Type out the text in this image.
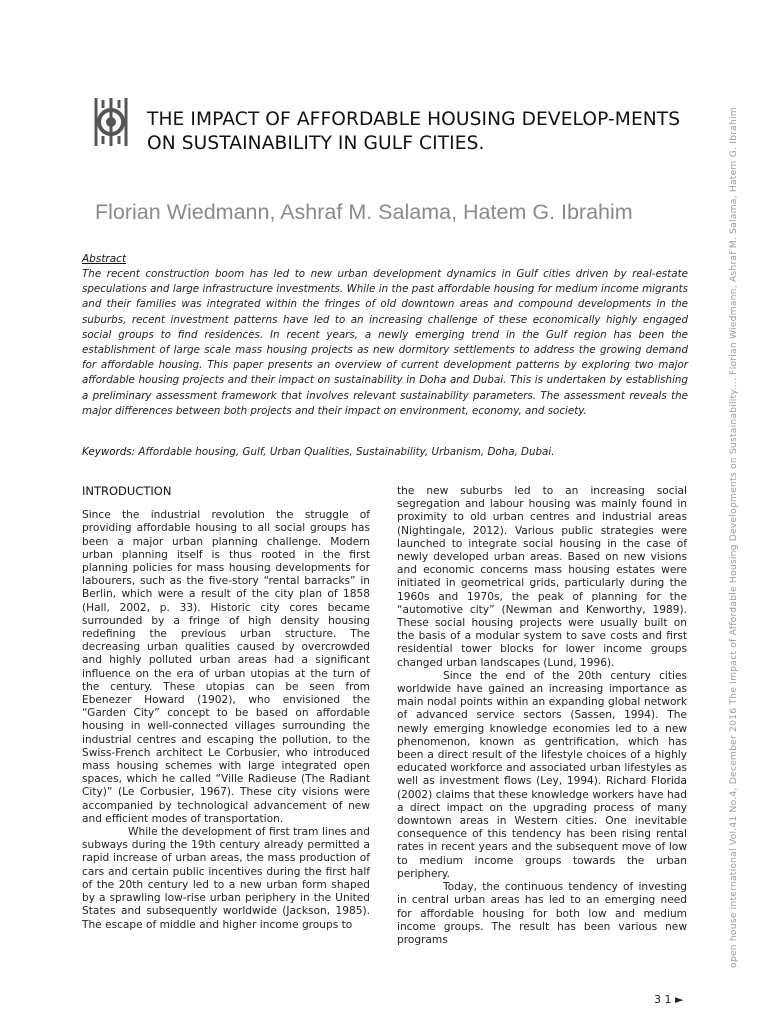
THE IMPACT OF AFFORDABLE HOUSING DEVELOP-MENTS ON SUSTAINABILITY IN GULF CITIES.
Florian Wiedmann, Ashraf M. Salama, Hatem G. Ibrahim
Abstract

The recent construction boom has led to new urban development dynamics in Gulf cities driven by real-estate speculations and large infrastructure investments. While in the past affordable housing for medium income migrants and their families was integrated within the fringes of old downtown areas and compound developments in the suburbs, recent investment patterns have led to an increasing challenge of these economically highly engaged social groups to find residences. In recent years, a newly emerging trend in the Gulf region has been the establishment of large scale mass housing projects as new dormitory settlements to address the growing demand for affordable housing. This paper presents an overview of current development patterns by exploring two major affordable housing projects and their impact on sustainability in Doha and Dubai. This is undertaken by establishing a preliminary assessment framework that involves relevant sustainability parameters. The assessment reveals the major differences between both projects and their impact on environment, economy, and society.

Keywords: Affordable housing, Gulf, Urban Qualities, Sustainability, Urbanism, Doha, Dubai.

INTRODUCTION

Since the industrial revolution the struggle of providing affordable housing to all social groups has been a major urban planning challenge. Modern urban planning itself is thus rooted in the first planning policies for mass housing developments for labourers, such as the five-story “rental barracks” in Berlin, which were a result of the city plan of 1858 (Hall, 2002, p. 33). Historic city cores became surrounded by a fringe of high density housing redefining the previous urban structure. The decreasing urban qualities caused by overcrowded and highly polluted urban areas had a significant influence on the era of urban utopias at the turn of the century. These utopias can be seen from Ebenezer Howard (1902), who envisioned the “Garden City” concept to be based on affordable housing in well-connected villages surrounding the industrial centres and escaping the pollution, to the Swiss-French architect Le Corbusier, who introduced mass housing schemes with large integrated open spaces, which he called “Ville Radieuse (The Radiant City)” (Le Corbusier, 1967). These city visions were accompanied by technological advancement of new and efficient modes of transportation.

While the development of first tram lines and subways during the 19th century already permitted a rapid increase of urban areas, the mass production of cars and certain public incentives during the first half of the 20th century led to a new urban form shaped by a sprawling low-rise urban periphery in the United States and subsequently worldwide (Jackson, 1985). The escape of middle and higher income groups to

the new suburbs led to an increasing social segregation and labour housing was mainly found in proximity to old urban centres and industrial areas (Nightingale, 2012). Various public strategies were launched to integrate social housing in the case of newly developed urban areas. Based on new visions and economic concerns mass housing estates were initiated in geometrical grids, particularly during the 1960s and 1970s, the peak of planning for the “automotive city” (Newman and Kenworthy, 1989). These social housing projects were usually built on the basis of a modular system to save costs and first residential tower blocks for lower income groups changed urban landscapes (Lund, 1996).

Since the end of the 20th century cities worldwide have gained an increasing importance as main nodal points within an expanding global network of advanced service sectors (Sassen, 1994). The newly emerging knowledge economies led to a new phenomenon, known as gentrification, which has been a direct result of the lifestyle choices of a highly educated workforce and associated urban lifestyles as well as investment flows (Ley, 1994). Richard Florida (2002) claims that these knowledge workers have had a direct impact on the upgrading process of many downtown areas in Western cities. One inevitable consequence of this tendency has been rising rental rates in recent years and the subsequent move of low to medium income groups towards the urban periphery.

Today, the continuous tendency of investing in central urban areas has led to an emerging need for affordable housing for both low and medium income groups. The result has been various new programs	open house international Vol.41 No.4, December 2016 The Impact of Affordable Housing Developments on Sustainability.... Florian Wiedmann, Ashraf M. Salama, Hatem G. Ibrahim
3 1 ►
